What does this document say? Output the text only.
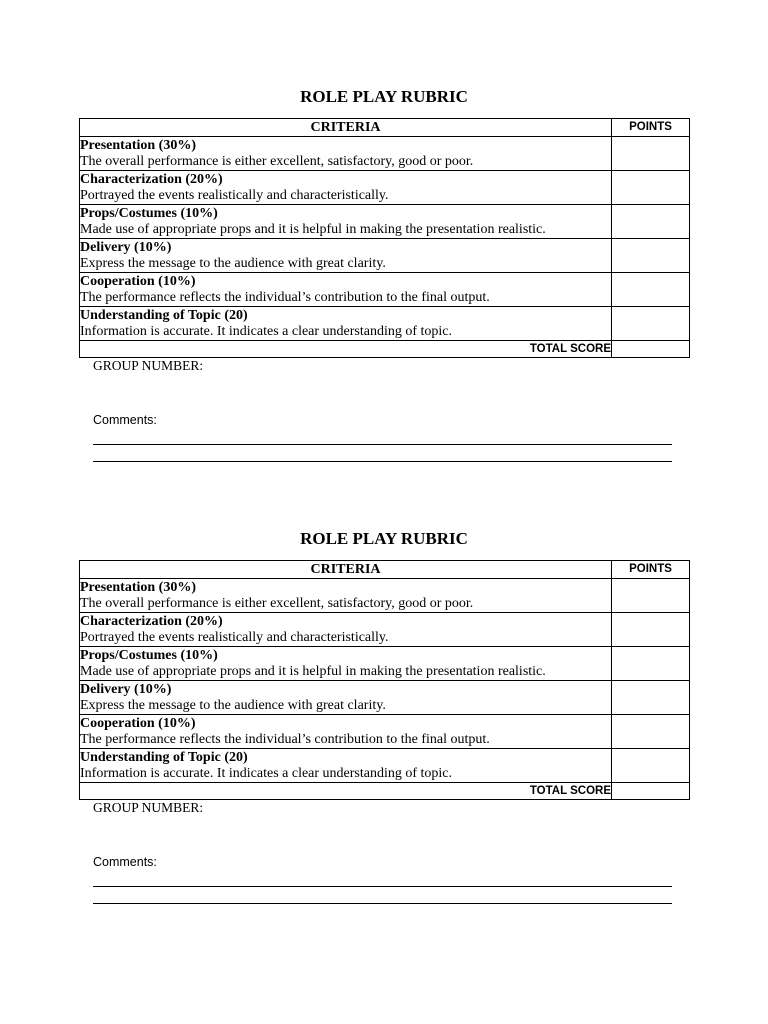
ROLE PLAY RUBRIC
CRITERIA	POINTS

Presentation (30%)
The overall performance is either excellent, satisfactory, good or poor.	

Characterization (20%)
Portrayed the events realistically and characteristically.	

Props/Costumes (10%)
Made use of appropriate props and it is helpful in making the presentation realistic.	

Delivery (10%)
Express the message to the audience with great clarity.	

Cooperation (10%)
The performance reflects the individual’s contribution to the final output.	

Understanding of Topic (20)
Information is accurate. It indicates a clear understanding of topic.	

TOTAL SCORE	
GROUP NUMBER:
Comments:
ROLE PLAY RUBRIC
CRITERIA	POINTS

Presentation (30%)
The overall performance is either excellent, satisfactory, good or poor.	

Characterization (20%)
Portrayed the events realistically and characteristically.	

Props/Costumes (10%)
Made use of appropriate props and it is helpful in making the presentation realistic.	

Delivery (10%)
Express the message to the audience with great clarity.	

Cooperation (10%)
The performance reflects the individual’s contribution to the final output.	

Understanding of Topic (20)
Information is accurate. It indicates a clear understanding of topic.	

TOTAL SCORE	
GROUP NUMBER:
Comments:
